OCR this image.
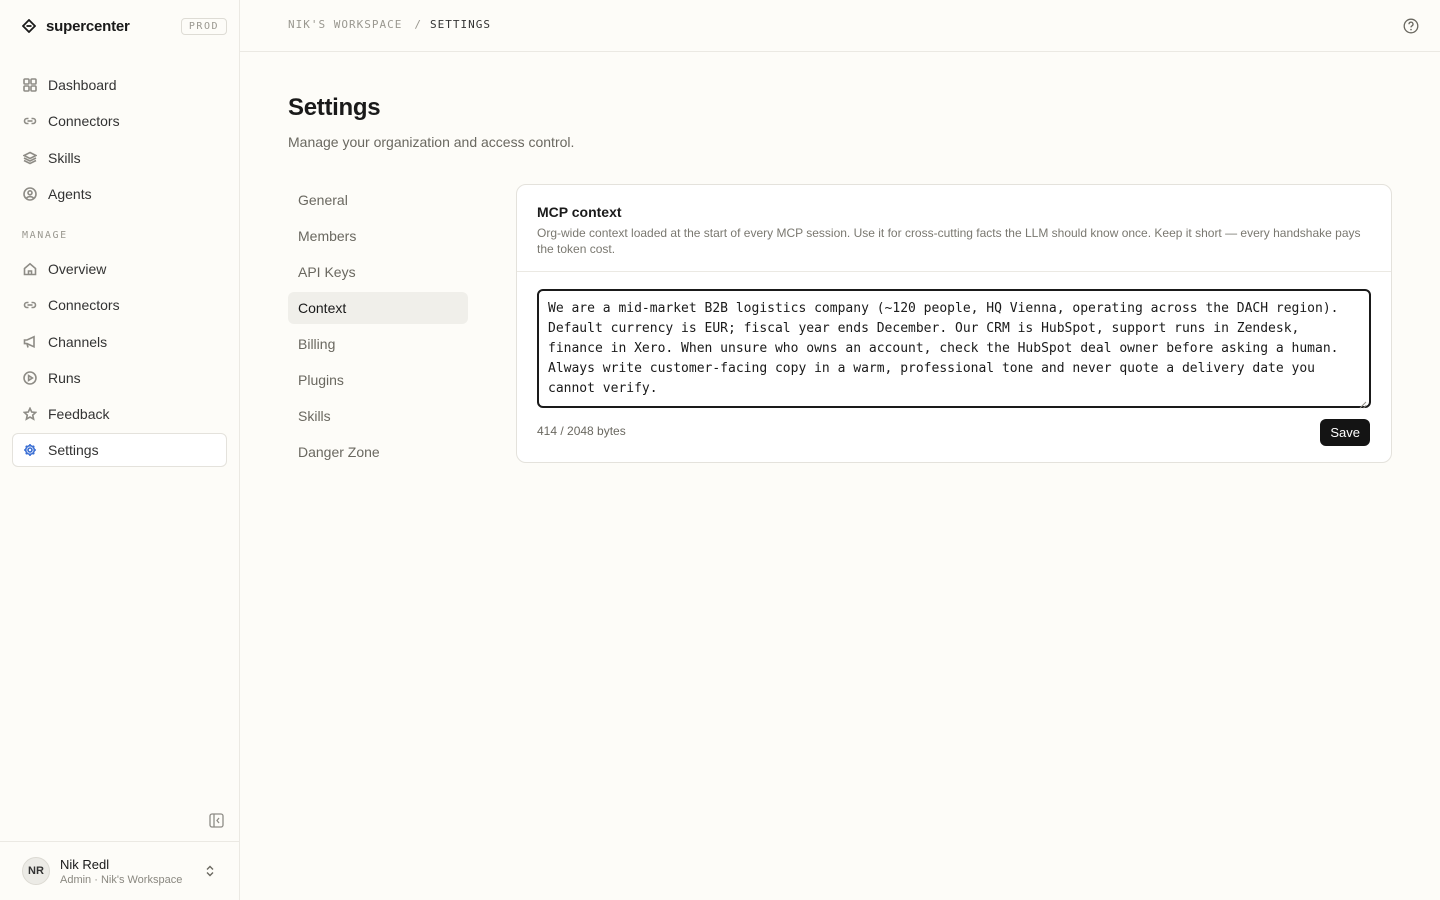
supercenter	PROD
Dashboard
Connectors
Skills
Agents
MANAGE
Overview
Connectors
Channels
Runs
Feedback
Settings
NR	Nik Redl
Admin · Nik's Workspace
NIK'S WORKSPACE / SETTINGS
Settings

Manage your organization and access control.

General
Members
API Keys
Context
Billing
Plugins
Skills
Danger Zone
MCP context
Org-wide context loaded at the start of every MCP session. Use it for cross-cutting facts the LLM should know once. Keep it short — every handshake pays the token cost.
We are a mid-market B2B logistics company (~120 people, HQ Vienna, operating across the DACH region). Default currency is EUR; fiscal year ends December. Our CRM is HubSpot, support runs in Zendesk, finance in Xero. When unsure who owns an account, check the HubSpot deal owner before asking a human. Always write customer-facing copy in a warm, professional tone and never quote a delivery date you cannot verify.
414 / 2048 bytes	Save
